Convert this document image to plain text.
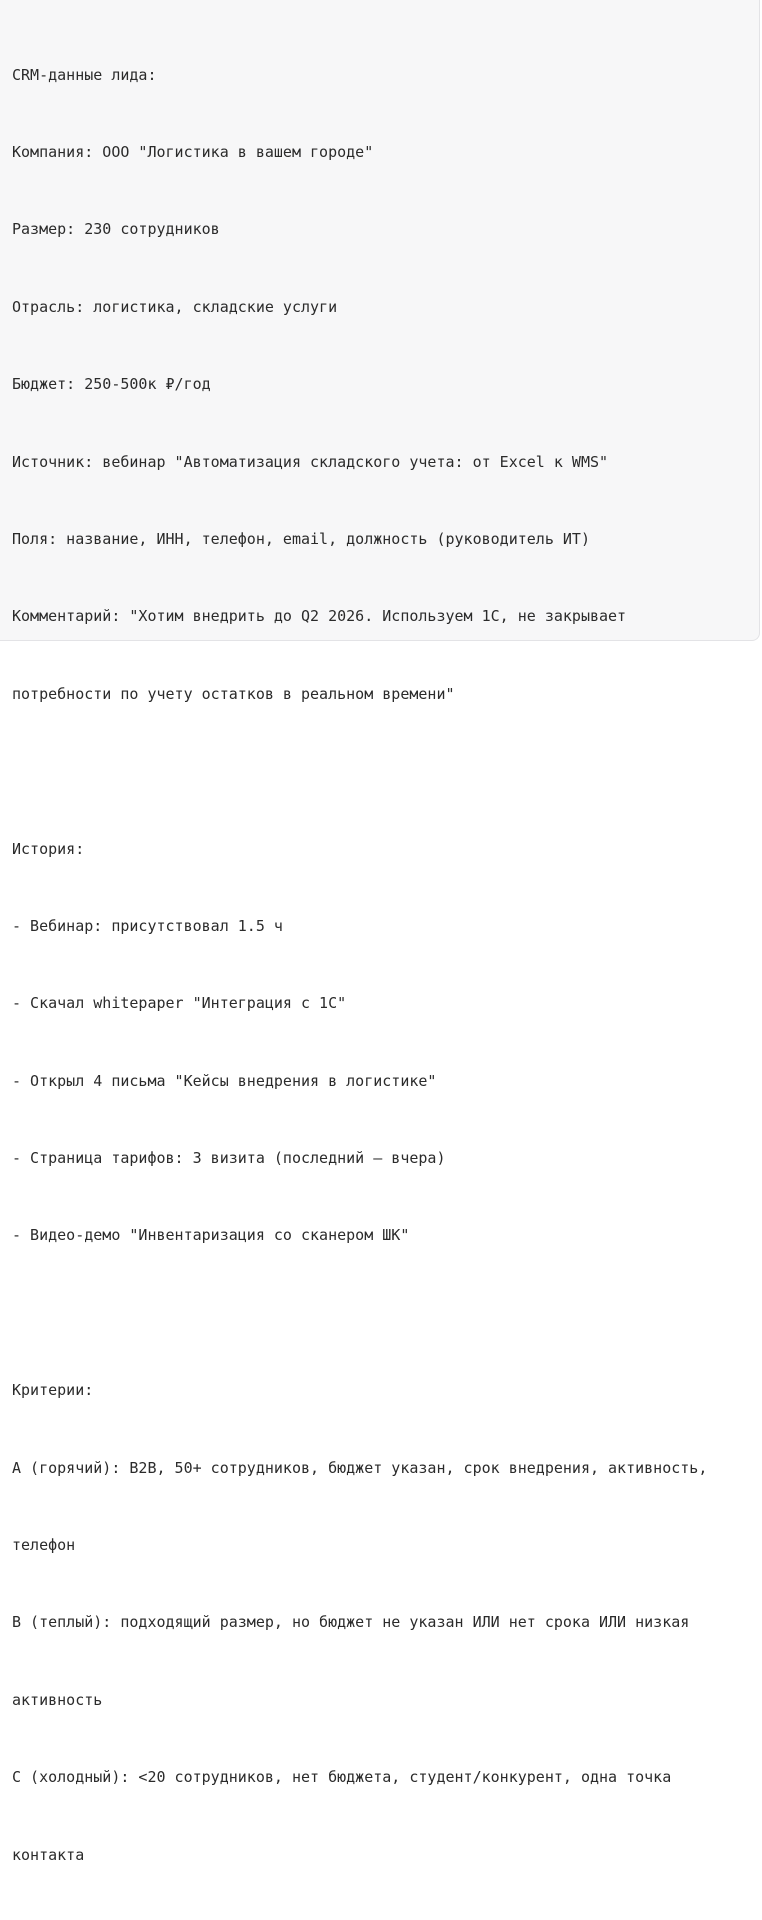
CRM-данные лида:

Компания: ООО "Логистика в вашем городе"

Размер: 230 сотрудников

Отрасль: логистика, складские услуги

Бюджет: 250-500к ₽/год

Источник: вебинар "Автоматизация складского учета: от Excel к WMS"

Поля: название, ИНН, телефон, email, должность (руководитель ИТ)

Комментарий: "Хотим внедрить до Q2 2026. Используем 1С, не закрывает

потребности по учету остатков в реальном времени"

История:

- Вебинар: присутствовал 1.5 ч

- Скачал whitepaper "Интеграция с 1С"

- Открыл 4 письма "Кейсы внедрения в логистике"

- Страница тарифов: 3 визита (последний — вчера)

- Видео-демо "Инвентаризация со сканером ШК"

Критерии:

A (горячий): B2B, 50+ сотрудников, бюджет указан, срок внедрения, активность,

телефон

B (теплый): подходящий размер, но бюджет не указан ИЛИ нет срока ИЛИ низкая

активность

C (холодный): <20 сотрудников, нет бюджета, студент/конкурент, одна точка

контакта
